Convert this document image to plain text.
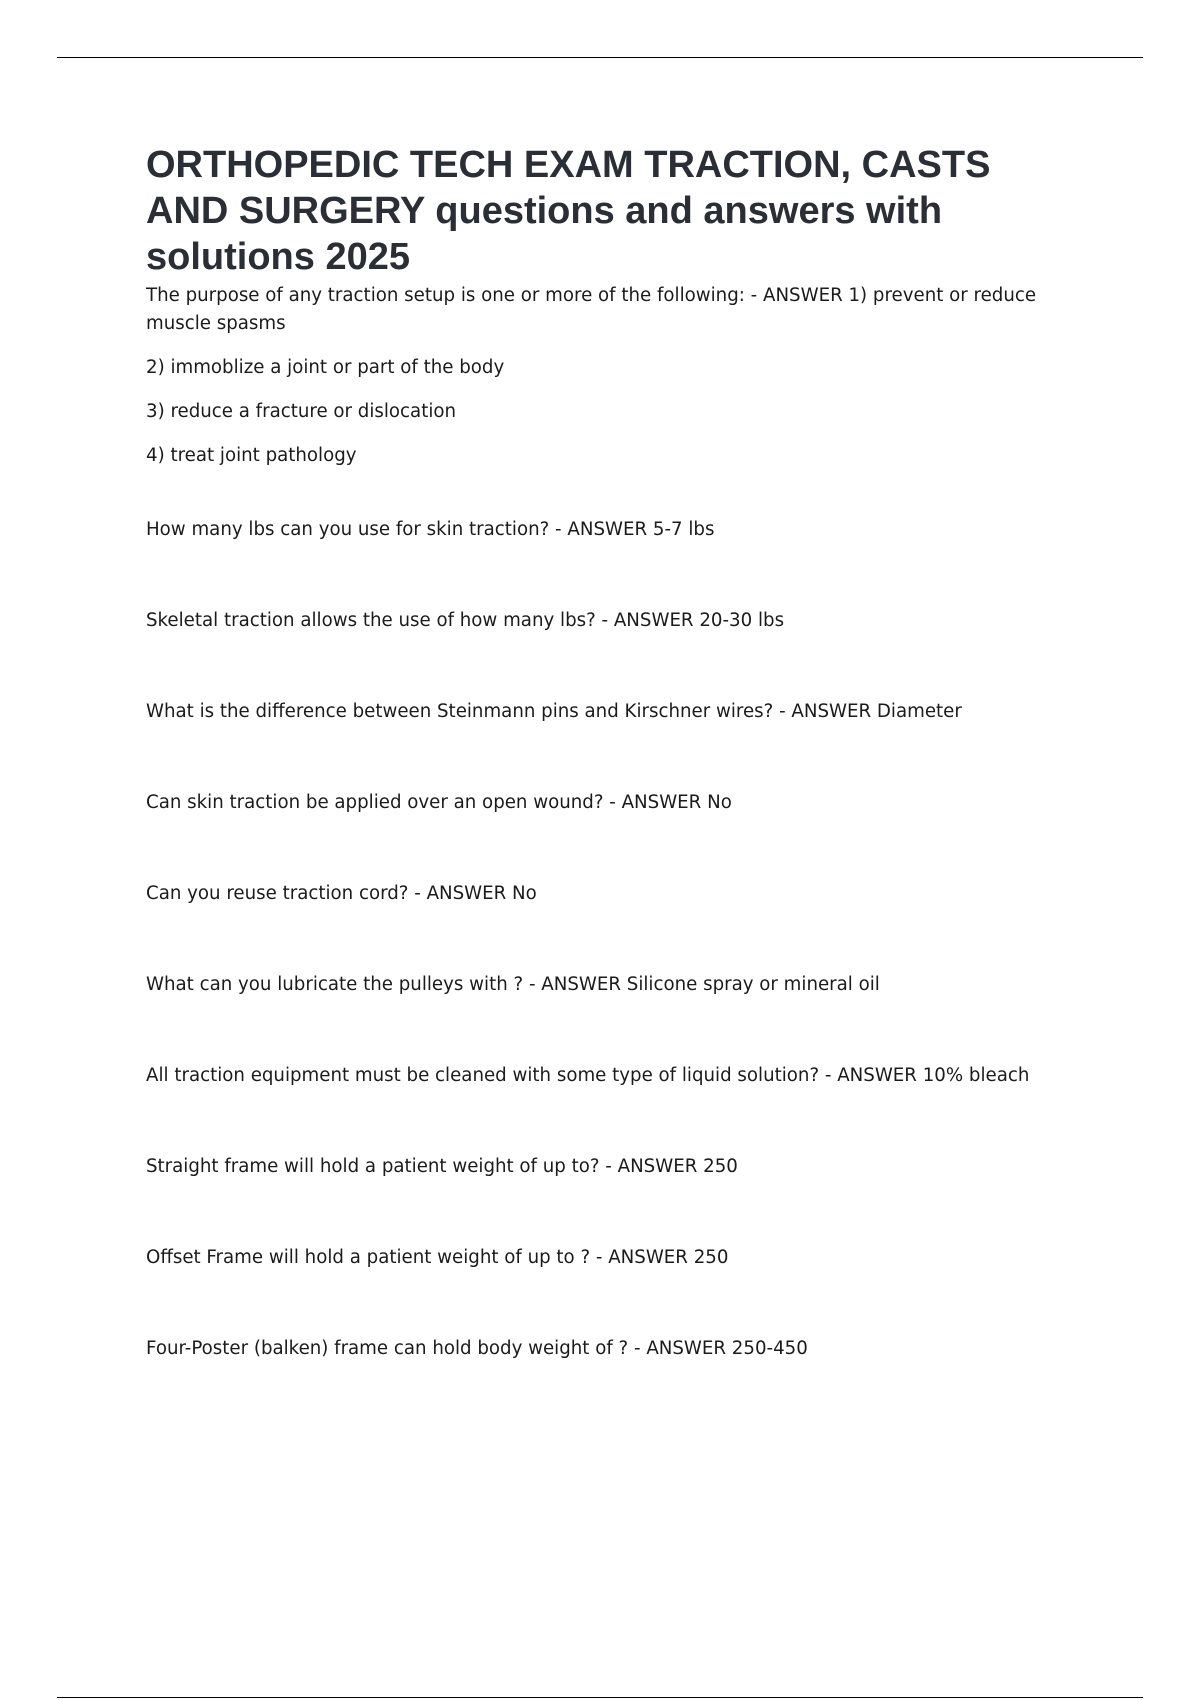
ORTHOPEDIC TECH EXAM TRACTION, CASTS AND SURGERY questions and answers with solutions 2025

The purpose of any traction setup is one or more of the following: - ANSWER 1) prevent or reduce muscle spasms

2) immoblize a joint or part of the body

3) reduce a fracture or dislocation

4) treat joint pathology

How many lbs can you use for skin traction? - ANSWER 5-7 lbs

Skeletal traction allows the use of how many lbs? - ANSWER 20-30 lbs

What is the difference between Steinmann pins and Kirschner wires? - ANSWER Diameter

Can skin traction be applied over an open wound? - ANSWER No

Can you reuse traction cord? - ANSWER No

What can you lubricate the pulleys with ? - ANSWER Silicone spray or mineral oil

All traction equipment must be cleaned with some type of liquid solution? - ANSWER 10% bleach

Straight frame will hold a patient weight of up to? - ANSWER 250

Offset Frame will hold a patient weight of up to ? - ANSWER 250

Four-Poster (balken) frame can hold body weight of ? - ANSWER 250-450
